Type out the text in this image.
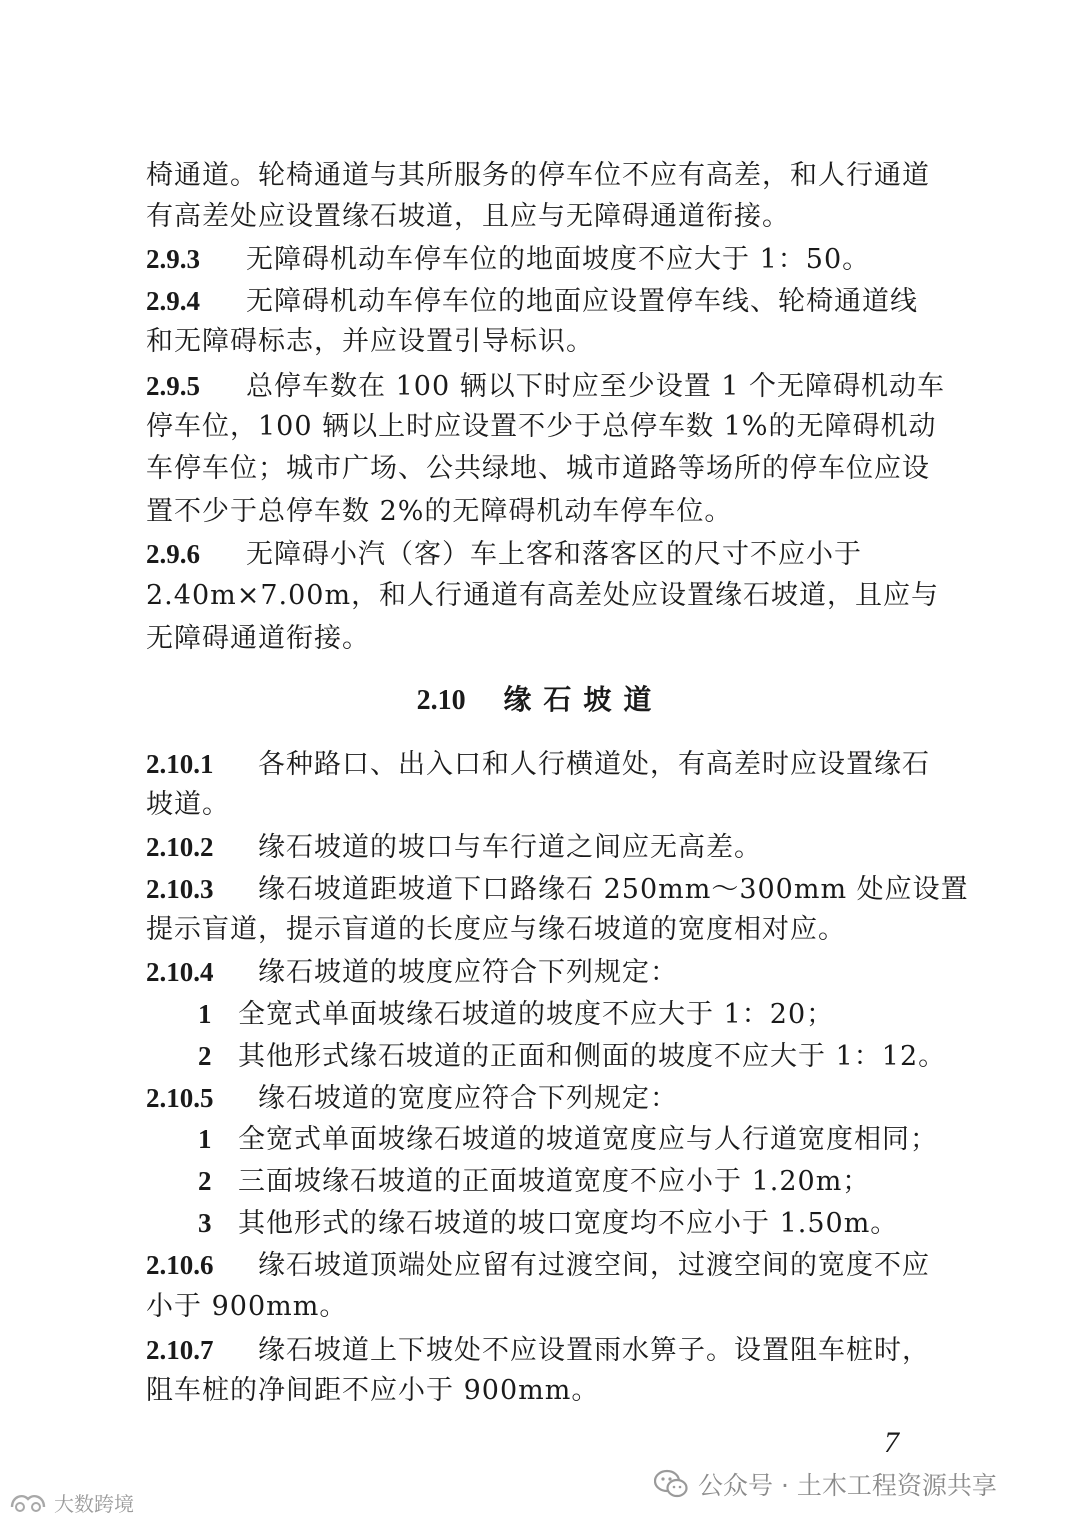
椅通道。轮椅通道与其所服务的停车位不应有高差，和人行通道
有高差处应设置缘石坡道，且应与无障碍通道衔接。
2.9.3 无障碍机动车停车位的地面坡度不应大于 1：50。
2.9.4 无障碍机动车停车位的地面应设置停车线、轮椅通道线
和无障碍标志，并应设置引导标识。
2.9.5 总停车数在 100 辆以下时应至少设置 1 个无障碍机动车
停车位，100 辆以上时应设置不少于总停车数 1%的无障碍机动
车停车位；城市广场、公共绿地、城市道路等场所的停车位应设
置不少于总停车数 2%的无障碍机动车停车位。
2.9.6 无障碍小汽（客）车上客和落客区的尺寸不应小于
2.40m×7.00m，和人行通道有高差处应设置缘石坡道，且应与
无障碍通道衔接。
2.10 缘石坡道
2.10.1 各种路口、出入口和人行横道处，有高差时应设置缘石
坡道。
2.10.2 缘石坡道的坡口与车行道之间应无高差。
2.10.3 缘石坡道距坡道下口路缘石 250mm～300mm 处应设置
提示盲道，提示盲道的长度应与缘石坡道的宽度相对应。
2.10.4 缘石坡道的坡度应符合下列规定：
1 全宽式单面坡缘石坡道的坡度不应大于 1：20；
2 其他形式缘石坡道的正面和侧面的坡度不应大于 1：12。
2.10.5 缘石坡道的宽度应符合下列规定：
1 全宽式单面坡缘石坡道的坡道宽度应与人行道宽度相同；
2 三面坡缘石坡道的正面坡道宽度不应小于 1.20m；
3 其他形式的缘石坡道的坡口宽度均不应小于 1.50m。
2.10.6 缘石坡道顶端处应留有过渡空间，过渡空间的宽度不应
小于 900mm。
2.10.7 缘石坡道上下坡处不应设置雨水箅子。设置阻车桩时，
阻车桩的净间距不应小于 900mm。
7
公众号 · 土木工程资源共享
大数跨境
